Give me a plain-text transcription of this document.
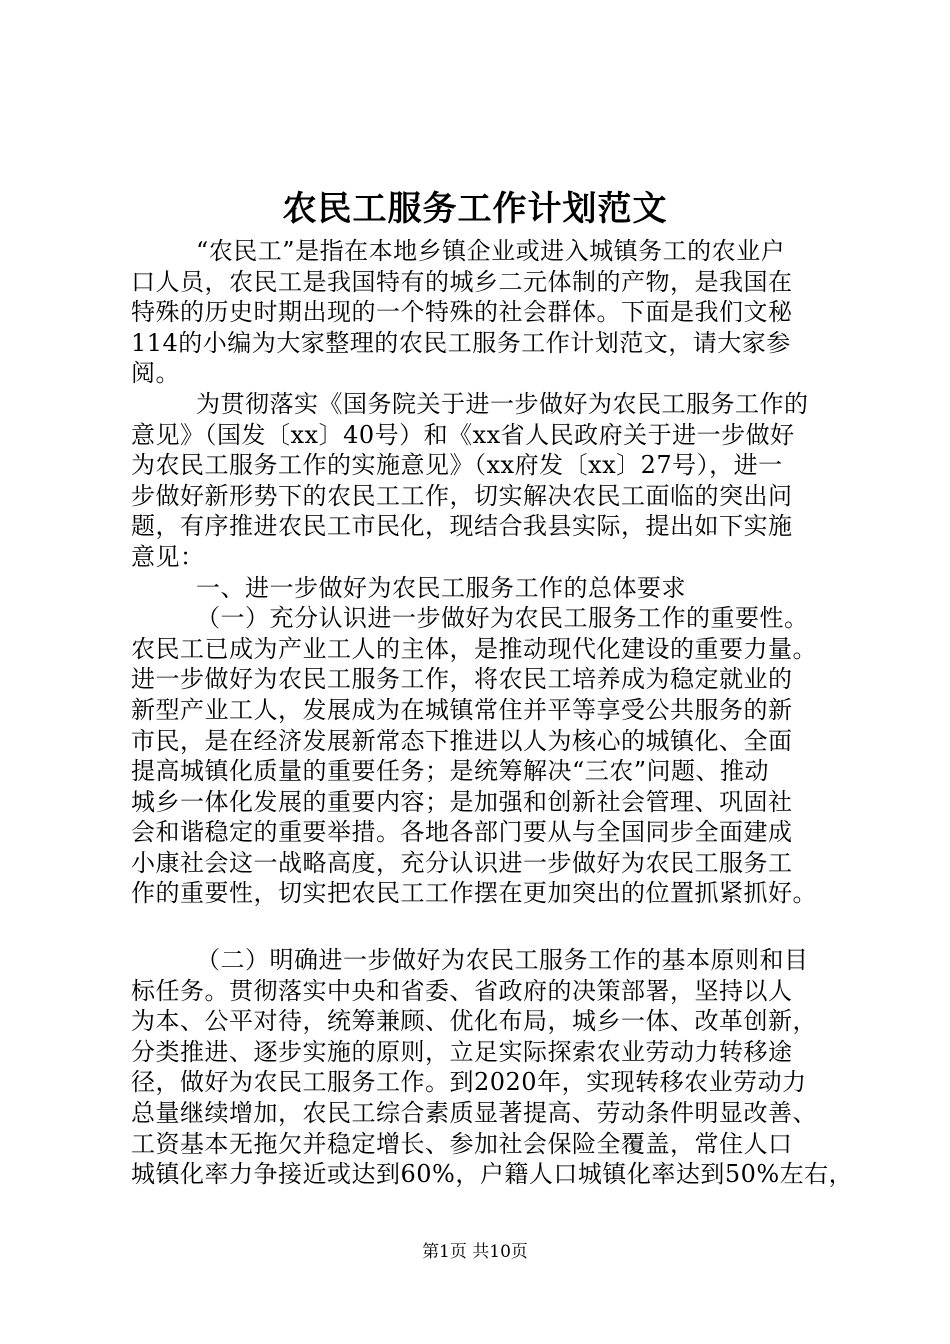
农民工服务工作计划范文
“农民工”是指在本地乡镇企业或进入城镇务工的农业户
口人员，农民工是我国特有的城乡二元体制的产物，是我国在
特殊的历史时期出现的一个特殊的社会群体。下面是我们文秘
114的小编为大家整理的农民工服务工作计划范文，请大家参
阅。
为贯彻落实《国务院关于进一步做好为农民工服务工作的
意见》（国发〔xx〕40号）和《xx省人民政府关于进一步做好
为农民工服务工作的实施意见》（xx府发〔xx〕27号），进一
步做好新形势下的农民工工作，切实解决农民工面临的突出问
题，有序推进农民工市民化，现结合我县实际，提出如下实施
意见：
一、进一步做好为农民工服务工作的总体要求
（一）充分认识进一步做好为农民工服务工作的重要性。
农民工已成为产业工人的主体，是推动现代化建设的重要力量。
进一步做好为农民工服务工作，将农民工培养成为稳定就业的
新型产业工人，发展成为在城镇常住并平等享受公共服务的新
市民，是在经济发展新常态下推进以人为核心的城镇化、全面
提高城镇化质量的重要任务；是统筹解决“三农”问题、推动
城乡一体化发展的重要内容；是加强和创新社会管理、巩固社
会和谐稳定的重要举措。各地各部门要从与全国同步全面建成
小康社会这一战略高度，充分认识进一步做好为农民工服务工
作的重要性，切实把农民工工作摆在更加突出的位置抓紧抓好。
（二）明确进一步做好为农民工服务工作的基本原则和目
标任务。贯彻落实中央和省委、省政府的决策部署，坚持以人
为本、公平对待，统筹兼顾、优化布局，城乡一体、改革创新，
分类推进、逐步实施的原则，立足实际探索农业劳动力转移途
径，做好为农民工服务工作。到2020年，实现转移农业劳动力
总量继续增加，农民工综合素质显著提高、劳动条件明显改善、
工资基本无拖欠并稳定增长、参加社会保险全覆盖，常住人口
城镇化率力争接近或达到60%，户籍人口城镇化率达到50%左右，
第1页 共10页
